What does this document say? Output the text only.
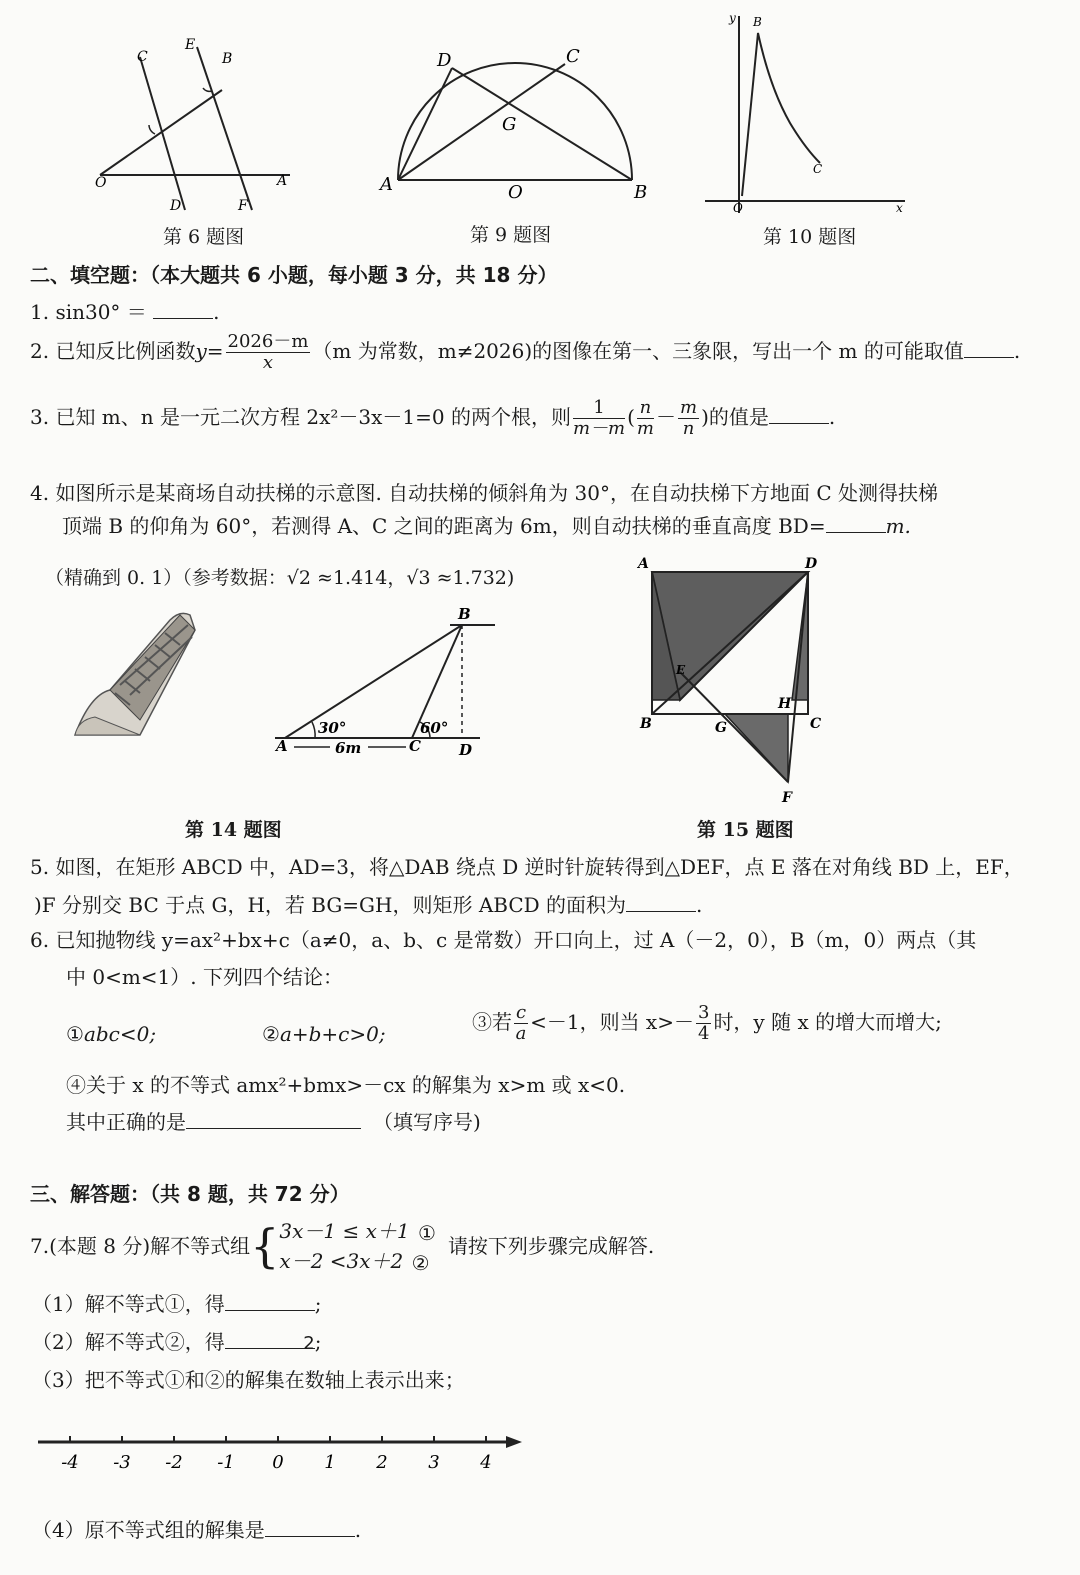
C
E
B
O	A
D	F
第 6 题图
D	C
G
A	O	B
第 9 题图
y B
C
O	x
第 10 题图
二、填空题：（本大题共 6 小题，每小题 3 分，共 18 分）
1. sin30° ＝	.
2. 已知反比例函数$y= \frac{2026-m}{x} (m$ 为常数，m≠2026)的图像在第一、三象限，写出一个 m 的可能取值	.
3. 已知 m、n 是一元二次方程 2x²－3x－1=0 的两个根，则 $\frac{1}{m-m}$ ( $\frac{n}{m} - \frac{m}{n}$ )的值是	.
4. 如图所示是某商场自动扶梯的示意图. 自动扶梯的倾斜角为 30°，在自动扶梯下方地面 C 处测得扶梯
顶端 B 的仰角为 60°，若测得 A、C 之间的距离为 6m，则自动扶梯的垂直高度 BD=	m.
（精确到 0. 1）（参考数据：√2 ≈1.414，√3 ≈1.732)
B
A	C	D
30°	60°
6m
第 14 题图
A	D
E
B	G
H
C
F
第 15 题图
5. 如图，在矩形 ABCD 中，AD=3，将△DAB 绕点 D 逆时针旋转得到△DEF，点 E 落在对角线 BD 上，EF，
)F 分别交 BC 于点 G，H，若 BG=GH，则矩形 ABCD 的面积为	.
6. 已知抛物线 y=ax²+bx+c（a≠0，a、b、c 是常数）开口向上，过 A（－2，0），B（m，0）两点（其
中 0<m<1）. 下列四个结论：
①abc<0;	②a+b+c>0;
③若 $\frac{c}{a} <-1$，则当 $x>- \frac{3}{4}$ 时，y 随 x 的增大而增大;
④关于 x 的不等式 amx²+bmx>－cx 的解集为 x>m 或 x<0.
其中正确的是	（填写序号)
三、解答题：（共 8 题，共 72 分）
7.(本题 8 分)解不等式组{ 3x－1 ≤ x＋1 ①
x－2 <3x＋2 ②
请按下列步骤完成解答.
（1）解不等式①，得	;
（2）解不等式②，得	2;
（3）把不等式①和②的解集在数轴上表示出来；
-4 -3 -2 -1 0 1 2 3 4
（4）原不等式组的解集是	.
